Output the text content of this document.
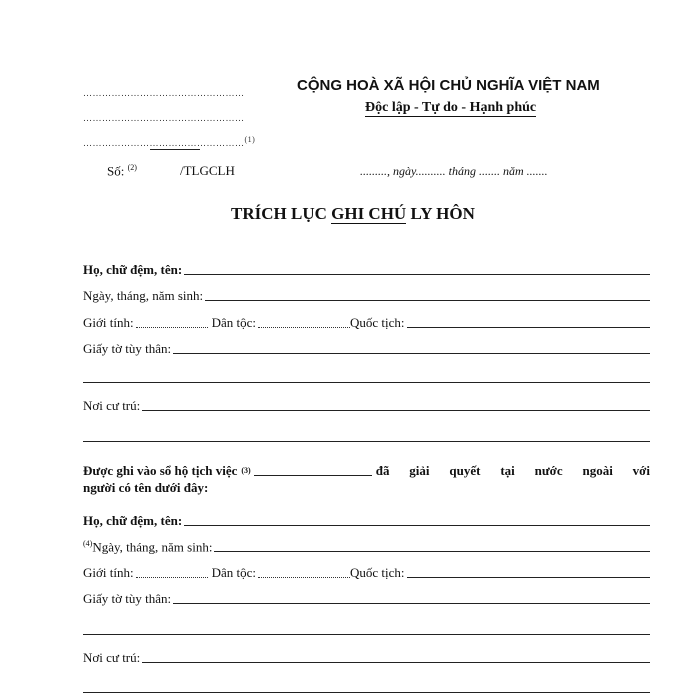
……………………………………………
……………………………………………
……………………………………………(1)
CỘNG HOÀ XÃ HỘI CHỦ NGHĨA VIỆT NAM
Độc lập - Tự do - Hạnh phúc
Số: $^{(2)}$	/TLGCLH	........., ngày.......... tháng ....... năm .......
TRÍCH LỤC GHI CHÚ LY HÔN
Họ, chữ đệm, tên:
Ngày, tháng, năm sinh:
Giới tính:	Dân tộc:	Quốc tịch:
Giấy tờ tùy thân:
Nơi cư trú:
Được ghi vào sổ hộ tịch việc (3)	đã giải quyết tại nước ngoài với
người có tên dưới đây:
Họ, chữ đệm, tên:
$^{(4)}$Ngày, tháng, năm sinh:
Giới tính:	Dân tộc:	Quốc tịch:
Giấy tờ tùy thân:
Nơi cư trú:
